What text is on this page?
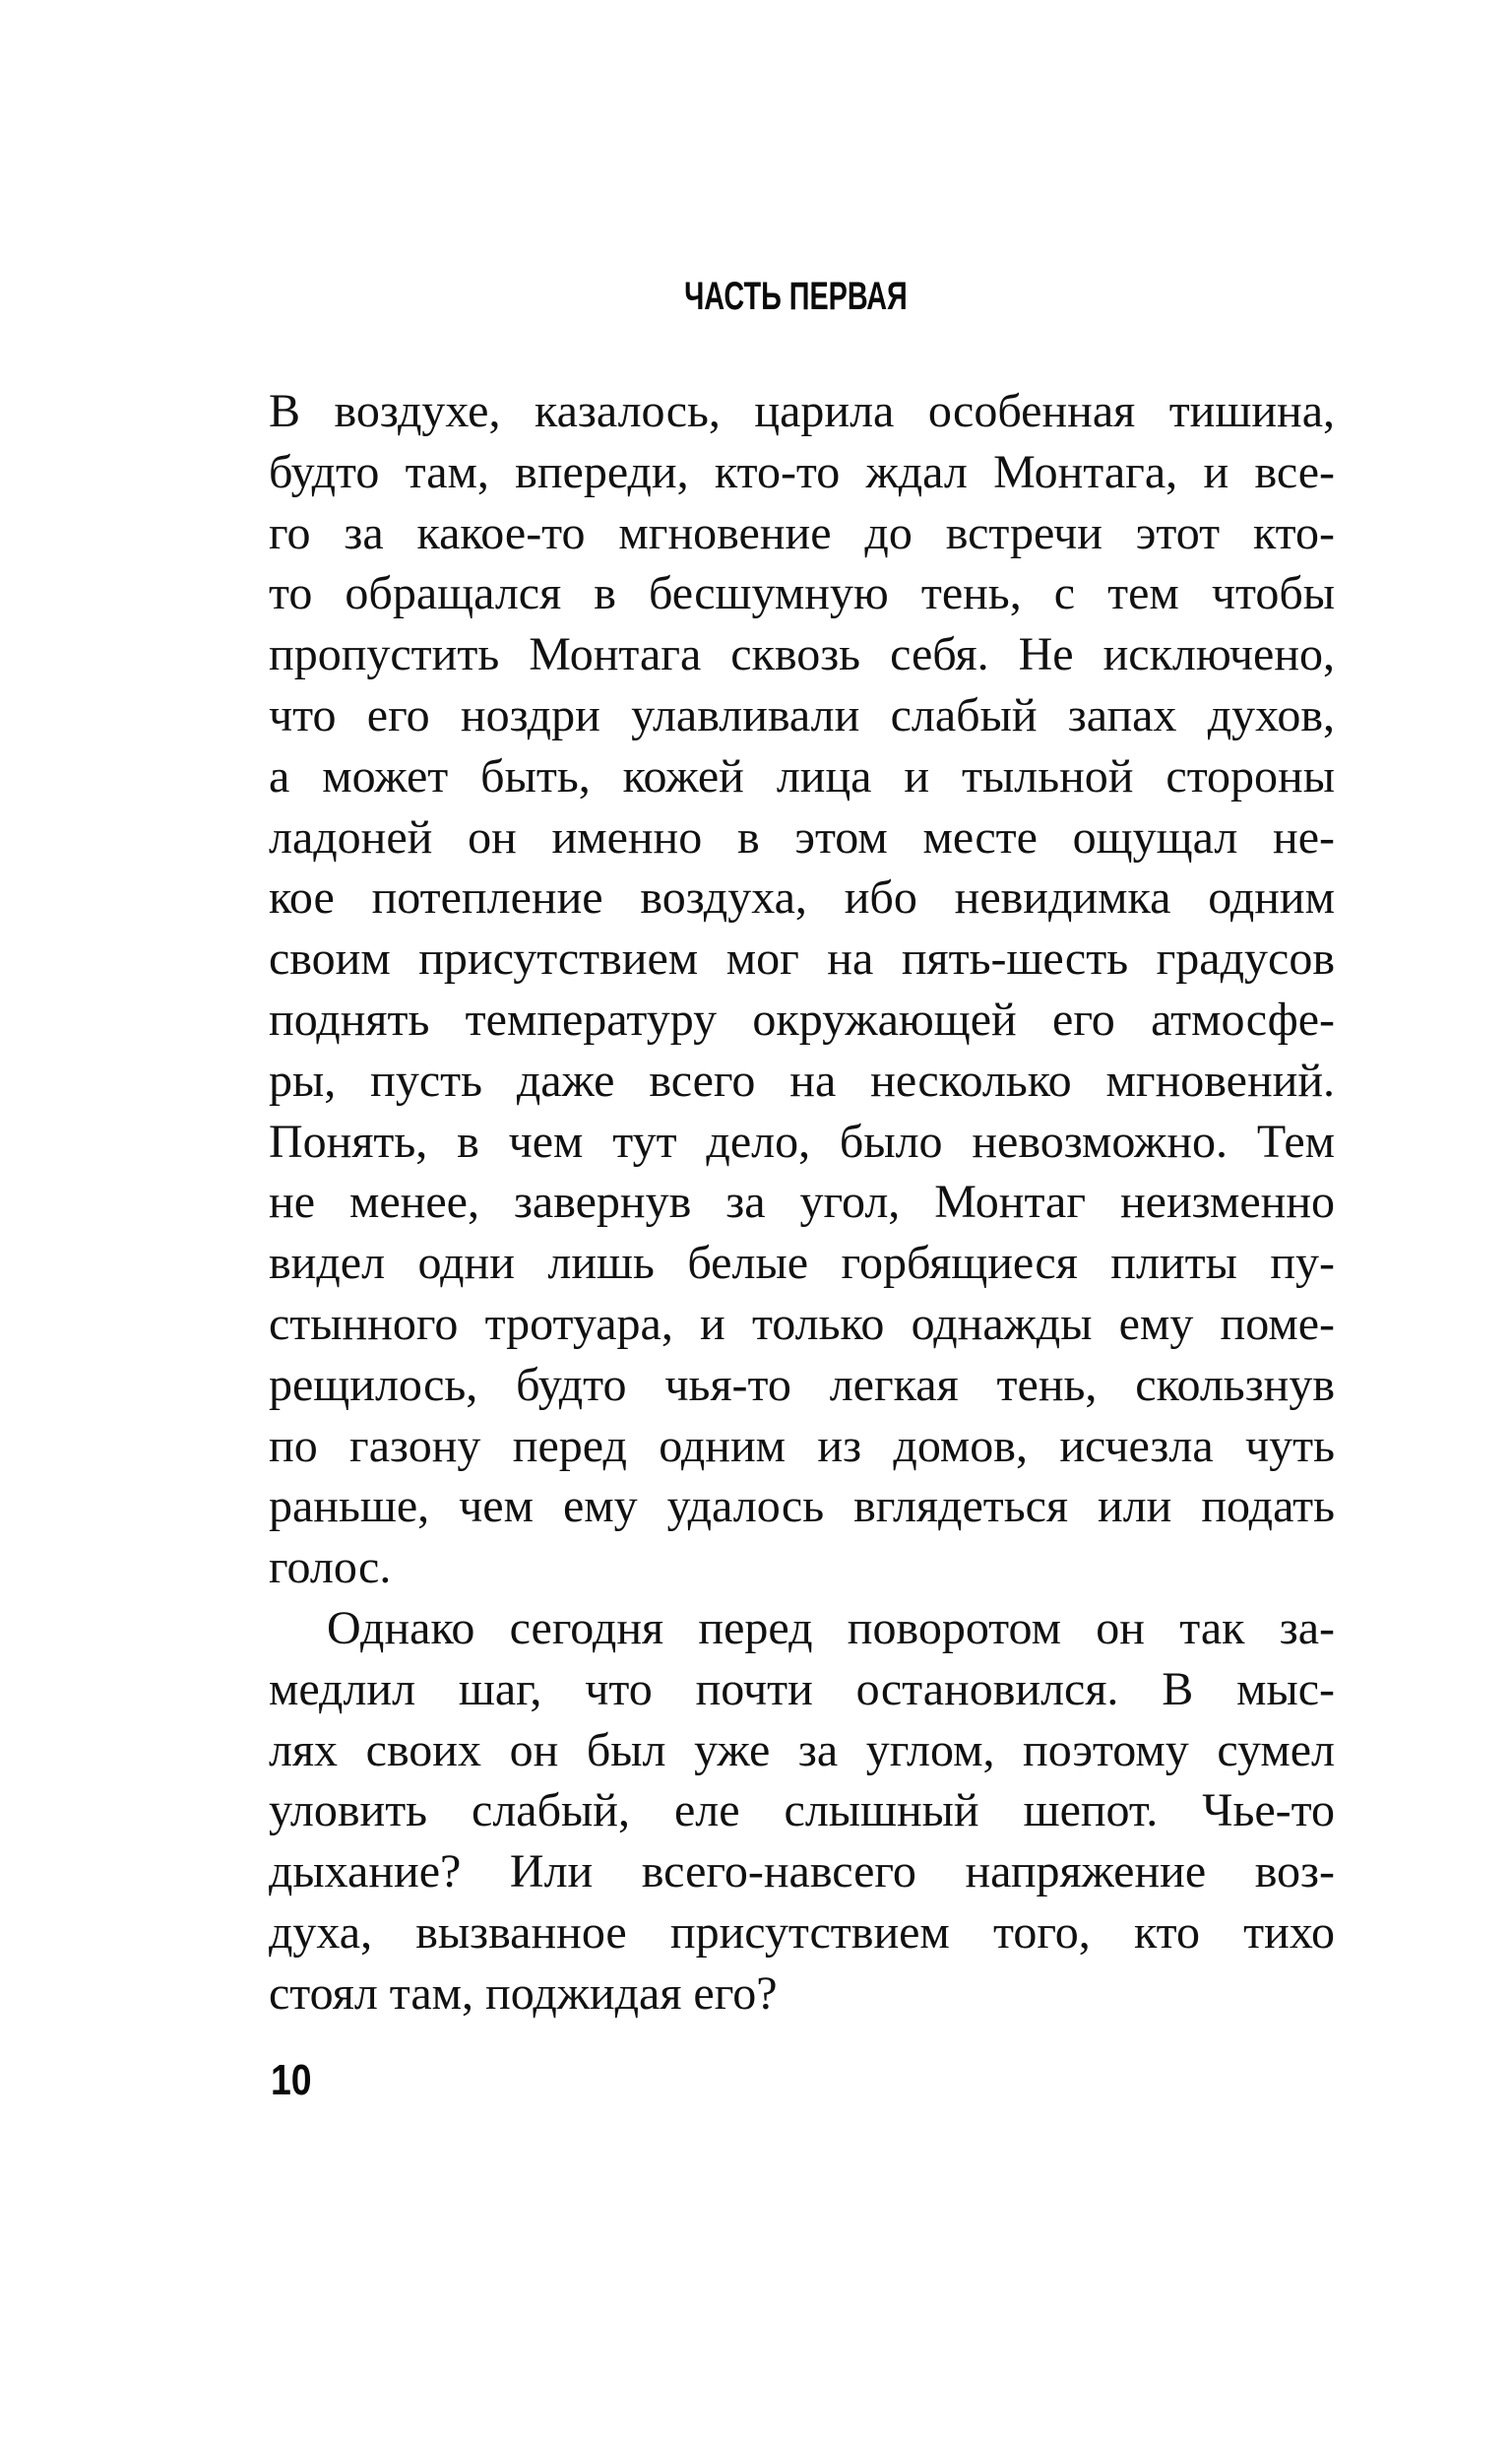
ЧАСТЬ ПЕРВАЯ
В воздухе, казалось, царила особенная тишина,
будто там, впереди, кто-то ждал Монтага, и все-
го за какое-то мгновение до встречи этот кто-
то обращался в бесшумную тень, с тем чтобы
пропустить Монтага сквозь себя. Не исключено,
что его ноздри улавливали слабый запах духов,
а может быть, кожей лица и тыльной стороны
ладоней он именно в этом месте ощущал не-
кое потепление воздуха, ибо невидимка одним
своим присутствием мог на пять-шесть градусов
поднять температуру окружающей его атмосфе-
ры, пусть даже всего на несколько мгновений.
Понять, в чем тут дело, было невозможно. Тем
не менее, завернув за угол, Монтаг неизменно
видел одни лишь белые горбящиеся плиты пу-
стынного тротуара, и только однажды ему поме-
рещилось, будто чья-то легкая тень, скользнув
по газону перед одним из домов, исчезла чуть
раньше, чем ему удалось вглядеться или подать
голос.
Однако сегодня перед поворотом он так за-
медлил шаг, что почти остановился. В мыс-
лях своих он был уже за углом, поэтому сумел
уловить слабый, еле слышный шепот. Чье-то
дыхание? Или всего-навсего напряжение воз-
духа, вызванное присутствием того, кто тихо
стоял там, поджидая его?
10
